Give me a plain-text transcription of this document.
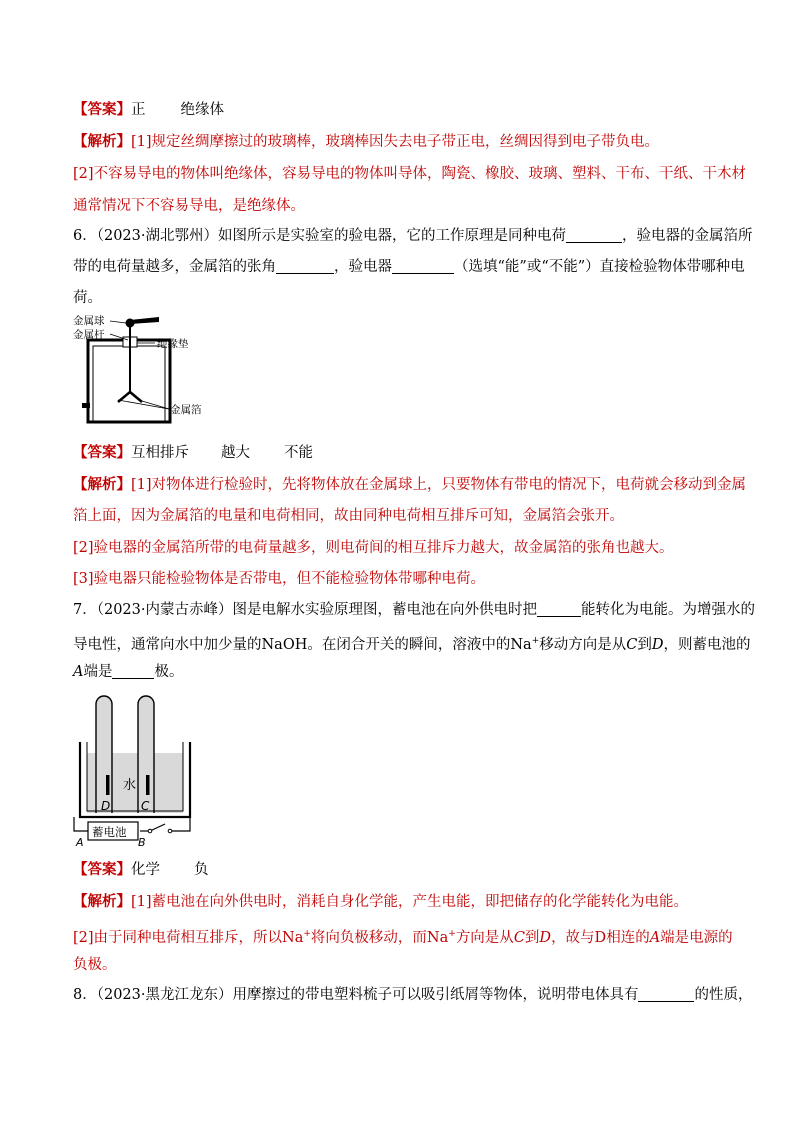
【答案】正 绝缘体
【解析】[1]规定丝绸摩擦过的玻璃棒，玻璃棒因失去电子带正电，丝绸因得到电子带负电。
[2]不容易导电的物体叫绝缘体，容易导电的物体叫导体，陶瓷、橡胶、玻璃、塑料、干布、干纸、干木材
通常情况下不容易导电，是绝缘体。
6．（2023·湖北鄂州）如图所示是实验室的验电器，它的工作原理是同种电荷	，验电器的金属箔所
带的电荷量越多，金属箔的张角	，验电器	（选填“能”或“不能”）直接检验物体带哪种电
荷。
金属球
金属杆
绝缘垫
金属箔
【答案】互相排斥 越大 不能
【解析】[1]对物体进行检验时，先将物体放在金属球上，只要物体有带电的情况下，电荷就会移动到金属
箔上面，因为金属箔的电量和电荷相同，故由同种电荷相互排斥可知，金属箔会张开。
[2]验电器的金属箔所带的电荷量越多，则电荷间的相互排斥力越大，故金属箔的张角也越大。
[3]验电器只能检验物体是否带电，但不能检验物体带哪种电荷。
7．（2023·内蒙古赤峰）图是电解水实验原理图，蓄电池在向外供电时把	能转化为电能。为增强水的
导电性，通常向水中加少量的NaOH。在闭合开关的瞬间，溶液中的Na+移动方向是从C到D，则蓄电池的
A端是	极。
水
D	C
蓄电池
A	B
【答案】化学 负
【解析】[1]蓄电池在向外供电时，消耗自身化学能，产生电能，即把储存的化学能转化为电能。
[2]由于同种电荷相互排斥，所以Na+将向负极移动，而Na+方向是从C到D，故与D相连的A端是电源的
负极。
8．（2023·黑龙江龙东）用摩擦过的带电塑料梳子可以吸引纸屑等物体，说明带电体具有	的性质，
